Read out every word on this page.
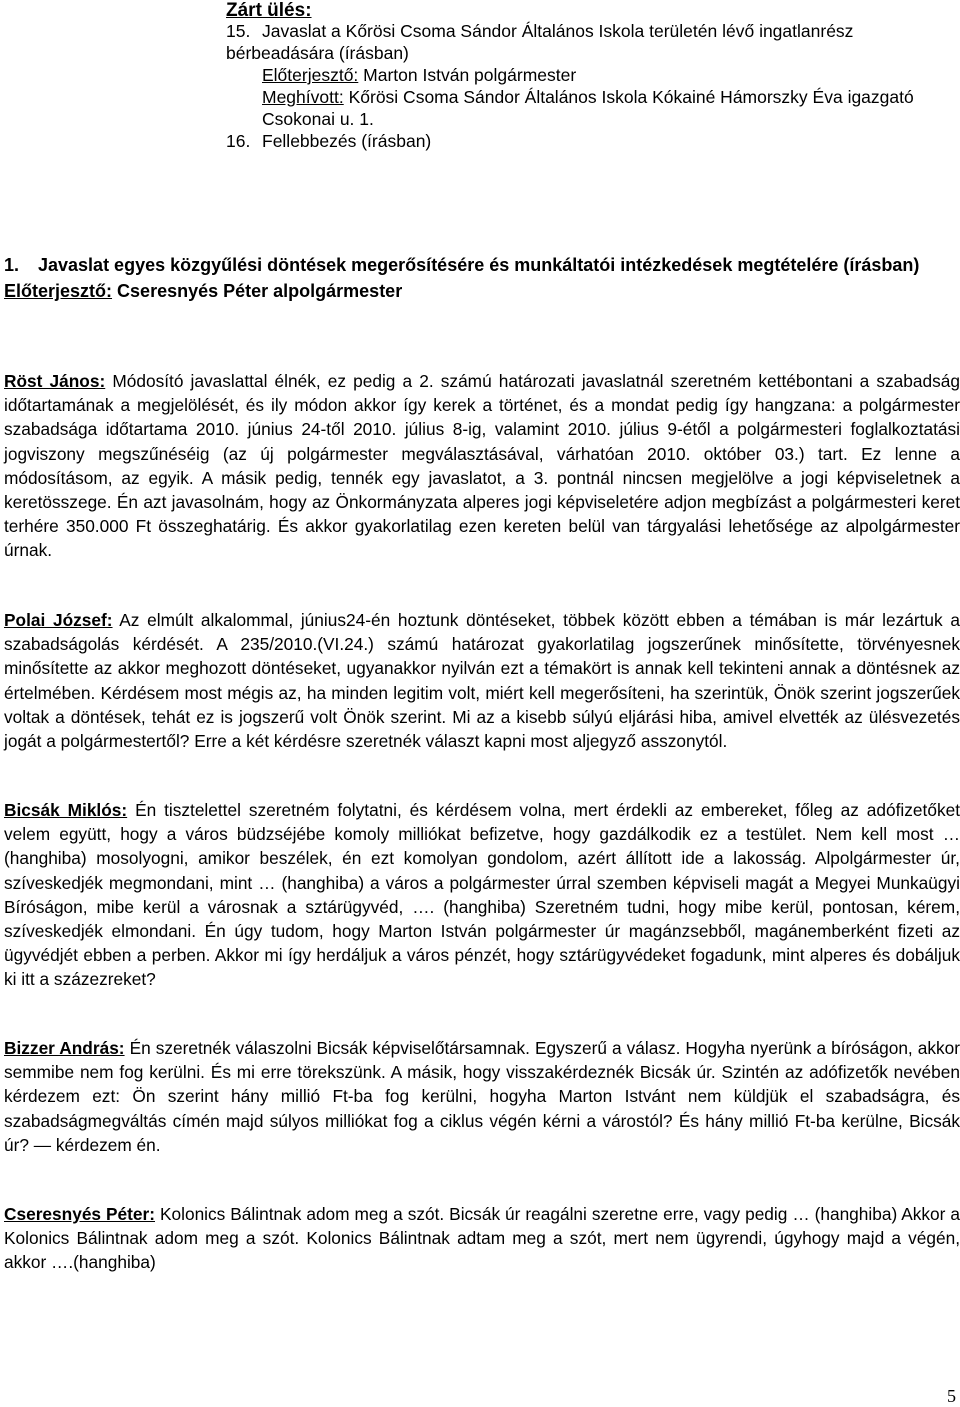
Zárt ülés:
15. Javaslat a Kőrösi Csoma Sándor Általános Iskola területén lévő ingatlanrész bérbeadására (írásban)
Előterjesztő: Marton István polgármester
Meghívott: Kőrösi Csoma Sándor Általános Iskola Kókainé Hámorszky Éva igazgató Csokonai u. 1.
16. Fellebbezés (írásban)
1. Javaslat egyes közgyűlési döntések megerősítésére és munkáltatói intézkedések megtételére (írásban)
Előterjesztő: Cseresnyés Péter alpolgármester
Röst János: Módosító javaslattal élnék, ez pedig a 2. számú határozati javaslatnál szeretném kettébontani a szabadság időtartamának a megjelölését, és ily módon akkor így kerek a történet, és a mondat pedig így hangzana: a polgármester szabadsága időtartama 2010. június 24-től 2010. július 8-ig, valamint 2010. július 9-étől a polgármesteri foglalkoztatási jogviszony megszűnéséig (az új polgármester megválasztásával, várhatóan 2010. október 03.) tart. Ez lenne a módosításom, az egyik. A másik pedig, tennék egy javaslatot, a 3. pontnál nincsen megjelölve a jogi képviseletnek a keretösszege. Én azt javasolnám, hogy az Önkormányzata alperes jogi képviseletére adjon megbízást a polgármesteri keret terhére 350.000 Ft összeghatárig. És akkor gyakorlatilag ezen kereten belül van tárgyalási lehetősége az alpolgármester úrnak.
Polai József: Az elmúlt alkalommal, június24-én hoztunk döntéseket, többek között ebben a témában is már lezártuk a szabadságolás kérdését. A 235/2010.(VI.24.) számú határozat gyakorlatilag jogszerűnek minősítette, törvényesnek minősítette az akkor meghozott döntéseket, ugyanakkor nyilván ezt a témakört is annak kell tekinteni annak a döntésnek az értelmében. Kérdésem most mégis az, ha minden legitim volt, miért kell megerősíteni, ha szerintük, Önök szerint jogszerűek voltak a döntések, tehát ez is jogszerű volt Önök szerint. Mi az a kisebb súlyú eljárási hiba, amivel elvették az ülésvezetés jogát a polgármestertől? Erre a két kérdésre szeretnék választ kapni most aljegyző asszonytól.
Bicsák Miklós: Én tisztelettel szeretném folytatni, és kérdésem volna, mert érdekli az embereket, főleg az adófizetőket velem együtt, hogy a város büdzséjébe komoly milliókat befizetve, hogy gazdálkodik ez a testület. Nem kell most … (hanghiba) mosolyogni, amikor beszélek, én ezt komolyan gondolom, azért állított ide a lakosság. Alpolgármester úr, szíveskedjék megmondani, mint … (hanghiba) a város a polgármester úrral szemben képviseli magát a Megyei Munkaügyi Bíróságon, mibe kerül a városnak a sztárügyvéd, …. (hanghiba) Szeretném tudni, hogy mibe kerül, pontosan, kérem, szíveskedjék elmondani. Én úgy tudom, hogy Marton István polgármester úr magánzsebből, magánemberként fizeti az ügyvédjét ebben a perben. Akkor mi így herdáljuk a város pénzét, hogy sztárügyvédeket fogadunk, mint alperes és dobáljuk ki itt a százezreket?
Bizzer András: Én szeretnék válaszolni Bicsák képviselőtársamnak. Egyszerű a válasz. Hogyha nyerünk a bíróságon, akkor semmibe nem fog kerülni. És mi erre törekszünk. A másik, hogy visszakérdeznék Bicsák úr. Szintén az adófizetők nevében kérdezem ezt: Ön szerint hány millió Ft-ba fog kerülni, hogyha Marton Istvánt nem küldjük el szabadságra, és szabadságmegváltás címén majd súlyos milliókat fog a ciklus végén kérni a várostól? És hány millió Ft-ba kerülne, Bicsák úr? — kérdezem én.
Cseresnyés Péter: Kolonics Bálintnak adom meg a szót. Bicsák úr reagálni szeretne erre, vagy pedig … (hanghiba) Akkor a Kolonics Bálintnak adom meg a szót. Kolonics Bálintnak adtam meg a szót, mert nem ügyrendi, úgyhogy majd a végén, akkor ….(hanghiba)
5
